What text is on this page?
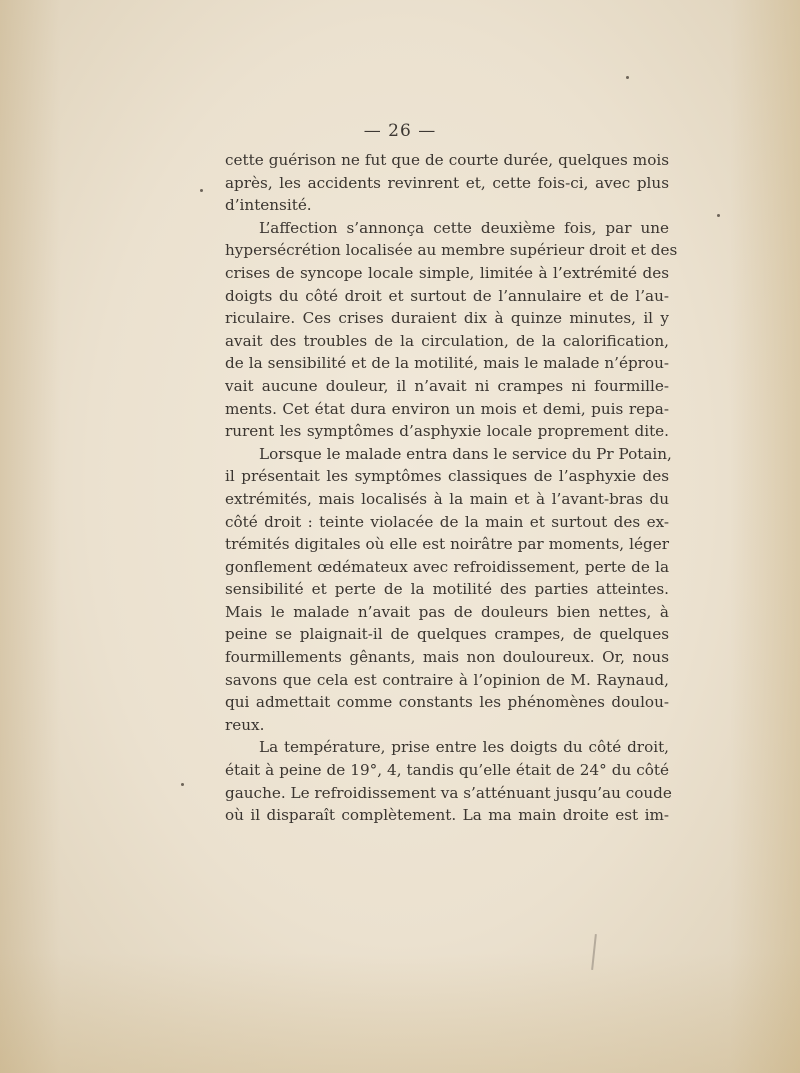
— 26 —
cette guérison ne fut que de courte durée, quelques mois
après, les accidents revinrent et, cette fois-ci, avec plus
d’intensité.
L’affection s’annonça cette deuxième fois, par une
hypersécrétion localisée au membre supérieur droit et des
crises de syncope locale simple, limitée à l’extrémité des
doigts du côté droit et surtout de l’annulaire et de l’au-
riculaire. Ces crises duraient dix à quinze minutes, il y
avait des troubles de la circulation, de la calorification,
de la sensibilité et de la motilité, mais le malade n’éprou-
vait aucune douleur, il n’avait ni crampes ni fourmille-
ments. Cet état dura environ un mois et demi, puis repa-
rurent les symptômes d’asphyxie locale proprement dite.
Lorsque le malade entra dans le service du Pr Potain,
il présentait les symptômes classiques de l’asphyxie des
extrémités, mais localisés à la main et à l’avant-bras du
côté droit : teinte violacée de la main et surtout des ex-
trémités digitales où elle est noirâtre par moments, léger
gonflement œdémateux avec refroidissement, perte de la
sensibilité et perte de la motilité des parties atteintes.
Mais le malade n’avait pas de douleurs bien nettes, à
peine se plaignait-il de quelques crampes, de quelques
fourmillements gênants, mais non douloureux. Or, nous
savons que cela est contraire à l’opinion de M. Raynaud,
qui admettait comme constants les phénomènes doulou-
reux.
La température, prise entre les doigts du côté droit,
était à peine de 19°, 4, tandis qu’elle était de 24° du côté
gauche. Le refroidissement va s’atténuant jusqu’au coude
où il disparaît complètement. La ma main droite est im-
